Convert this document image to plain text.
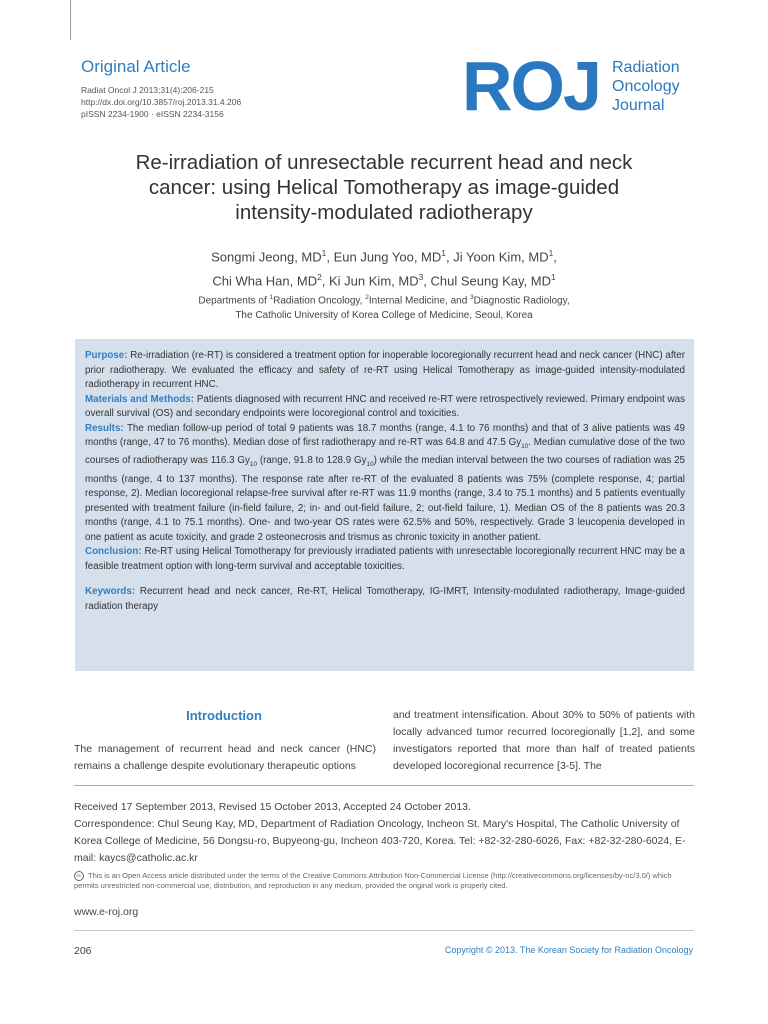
Original Article
Radiat Oncol J 2013;31(4):206-215
http://dx.doi.org/10.3857/roj.2013.31.4.206
pISSN 2234-1900 · eISSN 2234-3156	ROJ Radiation
Oncology
Journal
Re-irradiation of unresectable recurrent head and neck
cancer: using Helical Tomotherapy as image-guided
intensity-modulated radiotherapy
Songmi Jeong, $MD^1$, Eun Jung Yoo, $MD^1$, Ji Yoon Kim, $MD^1$,
Chi Wha Han, $MD^2$, Ki Jun Kim, $MD^3$, Chul Seung Kay, $MD^1$
Departments of $^1$Radiation Oncology, $^2$Internal Medicine, and $^3$Diagnostic Radiology,
The Catholic University of Korea College of Medicine, Seoul, Korea

Purpose: Re-irradiation (re-RT) is considered a treatment option for inoperable locoregionally recurrent head and neck cancer (HNC) after prior radiotherapy. We evaluated the efficacy and safety of re-RT using Helical Tomotherapy as image-guided intensity-modulated radiotherapy in recurrent HNC.

Materials and Methods: Patients diagnosed with recurrent HNC and received re-RT were retrospectively reviewed. Primary endpoint was overall survival (OS) and secondary endpoints were locoregional control and toxicities.

Results: The median follow-up period of total 9 patients was 18.7 months (range, 4.1 to 76 months) and that of 3 alive patients was 49 months (range, 47 to 76 months). Median dose of first radiotherapy and re-RT was 64.8 and 47.5 $Gy_{10}$. Median cumulative dose of the two courses of radiotherapy was 116.3 $Gy_{10}$ (range, 91.8 to 128.9 $Gy_{10}$) while the median interval between the two courses of radiation was 25 months (range, 4 to 137 months). The response rate after re-RT of the evaluated 8 patients was 75% (complete response, 4; partial response, 2). Median locoregional relapse-free survival after re-RT was 11.9 months (range, 3.4 to 75.1 months) and 5 patients eventually presented with treatment failure (in-field failure, 2; in- and out-field failure, 2; out-field failure, 1). Median OS of the 8 patients was 20.3 months (range, 4.1 to 75.1 months). One- and two-year OS rates were 62.5% and 50%, respectively. Grade 3 leucopenia developed in one patient as acute toxicity, and grade 2 osteonecrosis and trismus as chronic toxicity in another patient.

Conclusion: Re-RT using Helical Tomotherapy for previously irradiated patients with unresectable locoregionally recurrent HNC may be a feasible treatment option with long-term survival and acceptable toxicities.

Keywords: Recurrent head and neck cancer, Re-RT, Helical Tomotherapy, IG-IMRT, Intensity-modulated radiotherapy, Image-guided radiation therapy

Introduction
The management of recurrent head and neck cancer (HNC) remains a challenge despite evolutionary therapeutic options
and treatment intensification. About 30% to 50% of patients with locally advanced tumor recurred locoregionally [1,2], and some investigators reported that more than half of treated patients developed locoregional recurrence [3-5]. The
Received 17 September 2013, Revised 15 October 2013, Accepted 24 October 2013.
Correspondence: Chul Seung Kay, MD, Department of Radiation Oncology, Incheon St. Mary's Hospital, The Catholic University of Korea College of Medicine, 56 Dongsu-ro, Bupyeong-gu, Incheon 403-720, Korea. Tel: +82-32-280-6026, Fax: +82-32-280-6024, E-mail: kaycs@catholic.ac.kr
cc This is an Open Access article distributed under the terms of the Creative Commons Attribution Non-Commercial License (http://creativecommons.org/licenses/by-nc/3.0/) which permits unrestricted non-commercial use, distribution, and reproduction in any medium, provided the original work is properly cited.
www.e-roj.org
206	Copyright © 2013. The Korean Society for Radiation Oncology
